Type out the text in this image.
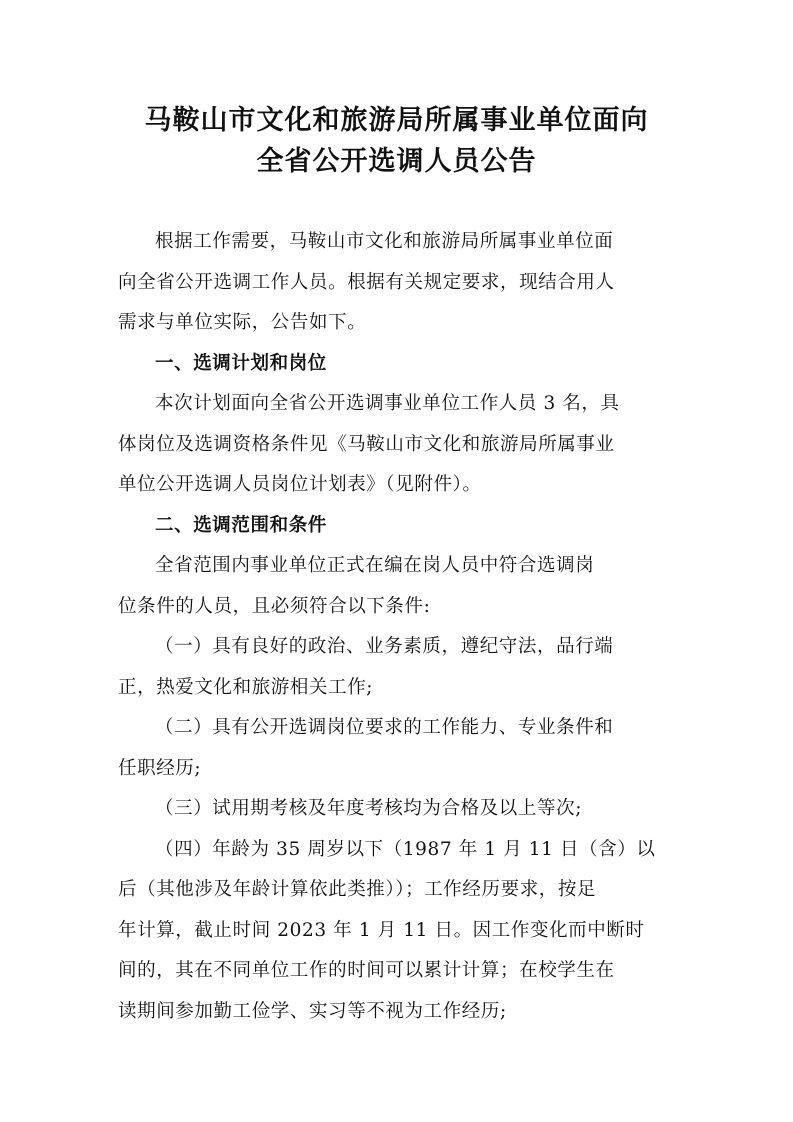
马鞍山市文化和旅游局所属事业单位面向
全省公开选调人员公告

根据工作需要，马鞍山市文化和旅游局所属事业单位面
向全省公开选调工作人员。根据有关规定要求，现结合用人
需求与单位实际，公告如下。

一、选调计划和岗位

本次计划面向全省公开选调事业单位工作人员 3 名，具
体岗位及选调资格条件见《马鞍山市文化和旅游局所属事业
单位公开选调人员岗位计划表》（见附件）。

二、选调范围和条件

全省范围内事业单位正式在编在岗人员中符合选调岗
位条件的人员，且必须符合以下条件:

（一）具有良好的政治、业务素质，遵纪守法，品行端
正，热爱文化和旅游相关工作;

（二）具有公开选调岗位要求的工作能力、专业条件和
任职经历;

（三）试用期考核及年度考核均为合格及以上等次;

（四）年龄为 35 周岁以下（1987 年 1 月 11 日（含）以
后（其他涉及年龄计算依此类推））；工作经历要求，按足
年计算，截止时间 2023 年 1 月 11 日。因工作变化而中断时
间的，其在不同单位工作的时间可以累计计算；在校学生在
读期间参加勤工俭学、实习等不视为工作经历;
